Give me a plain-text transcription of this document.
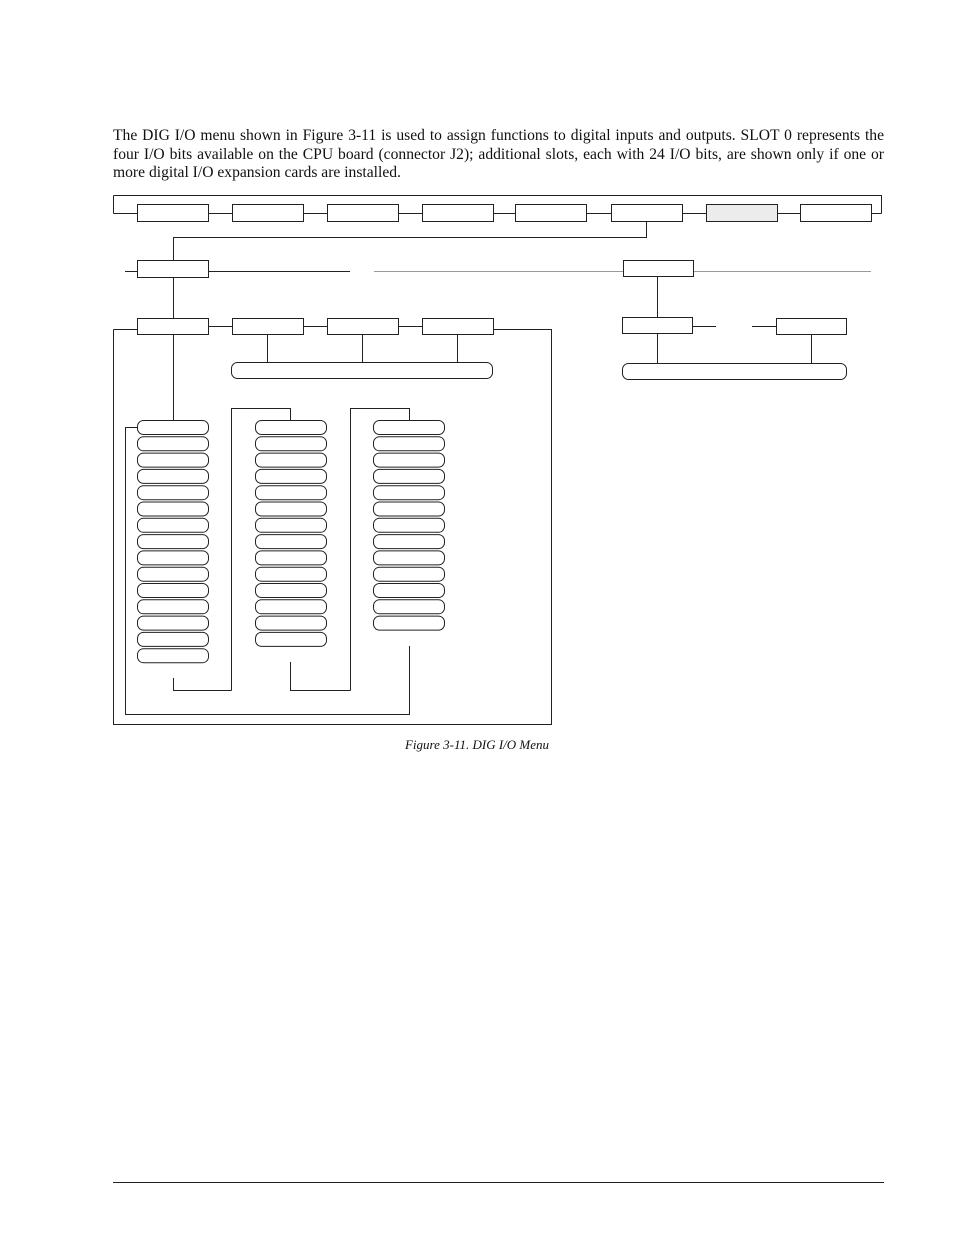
The DIG I/O menu shown in Figure 3-11 is used to assign functions to digital inputs and outputs. SLOT 0 represents the four I/O bits available on the CPU board (connector J2); additional slots, each with 24 I/O bits, are shown only if one or more digital I/O expansion cards are installed.

Figure 3-11. DIG I/O Menu
